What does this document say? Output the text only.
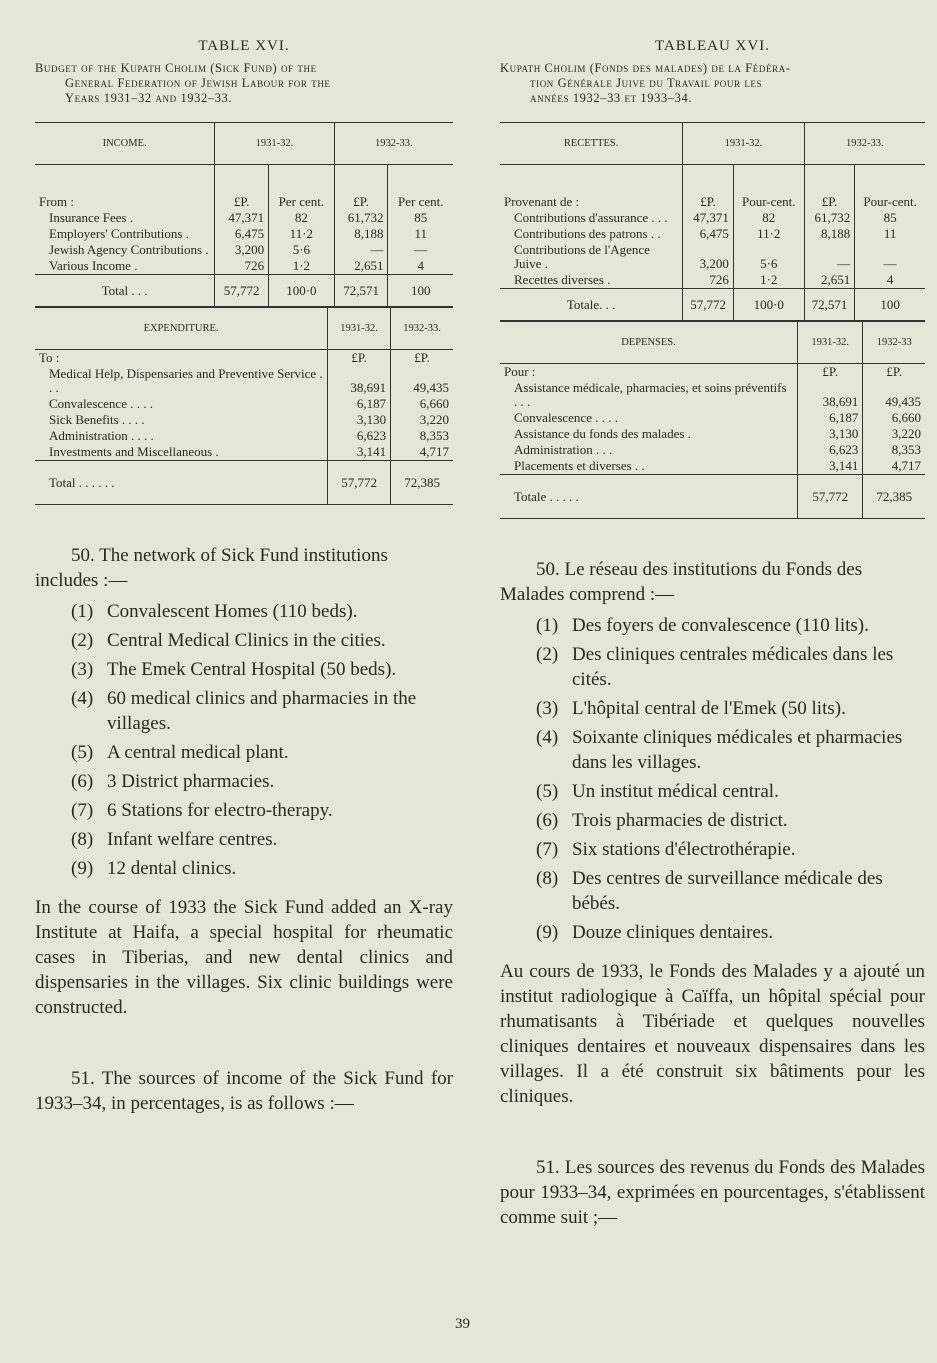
TABLE XVI.
Budget of the Kupath Cholim (Sick Fund) of the
General Federation of Jewish Labour for the
Years 1931–32 and 1932–33.
INCOME.	1931-32.		1932-33.	
From :	£P.	Per cent.	£P.	Per cent.
Insurance Fees .	47,371	82	61,732	85
Employers' Contributions .	6,475	11·2	8,188	11
Jewish Agency Contributions .	3,200	5·6	—	—
Various Income .	726	1·2	2,651	4
Total . . .	57,772	100·0	72,571	100
EXPENDITURE.	1931-32.	1932-33.
To :	£P.	£P.
Medical Help, Dispensaries and Preventive Service . . .	38,691	49,435
Convalescence . . . .	6,187	6,660
Sick Benefits . . . .	3,130	3,220
Administration . . . .	6,623	8,353
Investments and Miscellaneous .	3,141	4,717
Total . . . . . .	57,772	72,385
50. The network of Sick Fund institutions includes :—
(1) Convalescent Homes (110 beds).
(2) Central Medical Clinics in the cities.
(3) The Emek Central Hospital (50 beds).
(4) 60 medical clinics and pharmacies in the villages.
(5) A central medical plant.
(6) 3 District pharmacies.
(7) 6 Stations for electro-therapy.
(8) Infant welfare centres.
(9) 12 dental clinics.
In the course of 1933 the Sick Fund added an X-ray Institute at Haifa, a special hospital for rheumatic cases in Tiberias, and new dental clinics and dispensaries in the villages. Six clinic buildings were constructed.
51. The sources of income of the Sick Fund for 1933–34, in percentages, is as follows :—
TABLEAU XVI.
Kupath Cholim (Fonds des malades) de la Fédéra-
tion Générale Juive du Travail pour les
années 1932–33 et 1933–34.
RECETTES.	1931-32.		1932-33.	
Provenant de :	£P.	Pour-cent.	£P.	Pour-cent.
Contributions d'assurance . . .	47,371	82	61,732	85
Contributions des patrons . .	6,475	11·2	8,188	11
Contributions de l'Agence Juive .	3,200	5·6	—	—
Recettes diverses .	726	1·2	2,651	4
Totale. . .	57,772	100·0	72,571	100
DEPENSES.	1931-32.	1932-33
Pour :	£P.	£P.
Assistance médicale, pharmacies, et soins préventifs . . .	38,691	49,435
Convalescence . . . .	6,187	6,660
Assistance du fonds des malades .	3,130	3,220
Administration . . .	6,623	8,353
Placements et diverses . .	3,141	4,717
Totale . . . . .	57,772	72,385
50. Le réseau des institutions du Fonds des Malades comprend :—
(1) Des foyers de convalescence (110 lits).
(2) Des cliniques centrales médicales dans les cités.
(3) L'hôpital central de l'Emek (50 lits).
(4) Soixante cliniques médicales et pharmacies dans les villages.
(5) Un institut médical central.
(6) Trois pharmacies de district.
(7) Six stations d'électrothérapie.
(8) Des centres de surveillance médicale des bébés.
(9) Douze cliniques dentaires.
Au cours de 1933, le Fonds des Malades y a ajouté un institut radiologique à Caïffa, un hôpital spécial pour rhumatisants à Tibériade et quelques nouvelles cliniques dentaires et nouveaux dispensaires dans les villages. Il a été construit six bâtiments pour les cliniques.
51. Les sources des revenus du Fonds des Malades pour 1933–34, exprimées en pourcentages, s'établissent comme suit ;—
39
